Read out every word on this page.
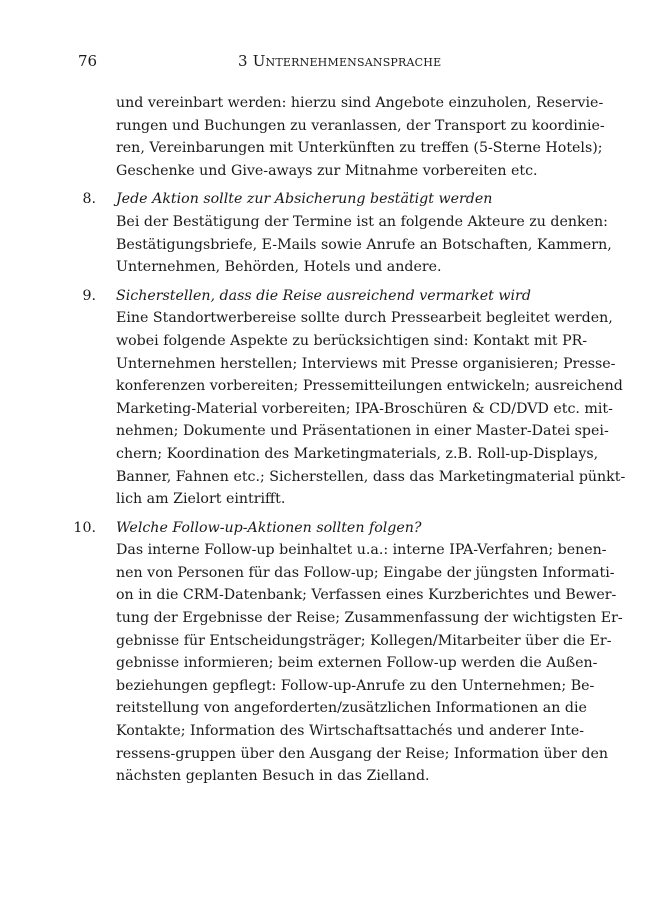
76	3 Unternehmensansprache
und vereinbart werden: hierzu sind Angebote einzuholen, Reservie-
rungen und Buchungen zu veranlassen, der Transport zu koordinie-
ren, Vereinbarungen mit Unterkünften zu treffen (5-Sterne Hotels);
Geschenke und Give-aways zur Mitnahme vorbereiten etc.
8. Jede Aktion sollte zur Absicherung bestätigt werden
Bei der Bestätigung der Termine ist an folgende Akteure zu denken:
Bestätigungsbriefe, E-Mails sowie Anrufe an Botschaften, Kammern,
Unternehmen, Behörden, Hotels und andere.
9. Sicherstellen, dass die Reise ausreichend vermarket wird
Eine Standortwerbereise sollte durch Pressearbeit begleitet werden,
wobei folgende Aspekte zu berücksichtigen sind: Kontakt mit PR-
Unternehmen herstellen; Interviews mit Presse organisieren; Presse-
konferenzen vorbereiten; Pressemitteilungen entwickeln; ausreichend
Marketing-Material vorbereiten; IPA-Broschüren & CD/DVD etc. mit-
nehmen; Dokumente und Präsentationen in einer Master-Datei spei-
chern; Koordination des Marketingmaterials, z.B. Roll-up-Displays,
Banner, Fahnen etc.; Sicherstellen, dass das Marketingmaterial pünkt-
lich am Zielort eintrifft.
10. Welche Follow-up-Aktionen sollten folgen?
Das interne Follow-up beinhaltet u.a.: interne IPA-Verfahren; benen-
nen von Personen für das Follow-up; Eingabe der jüngsten Informati-
on in die CRM-Datenbank; Verfassen eines Kurzberichtes und Bewer-
tung der Ergebnisse der Reise; Zusammenfassung der wichtigsten Er-
gebnisse für Entscheidungsträger; Kollegen/Mitarbeiter über die Er-
gebnisse informieren; beim externen Follow-up werden die Außen-
beziehungen gepflegt: Follow-up-Anrufe zu den Unternehmen; Be-
reitstellung von angeforderten/zusätzlichen Informationen an die
Kontakte; Information des Wirtschaftsattachés und anderer Inte-
ressens-gruppen über den Ausgang der Reise; Information über den
nächsten geplanten Besuch in das Zielland.
